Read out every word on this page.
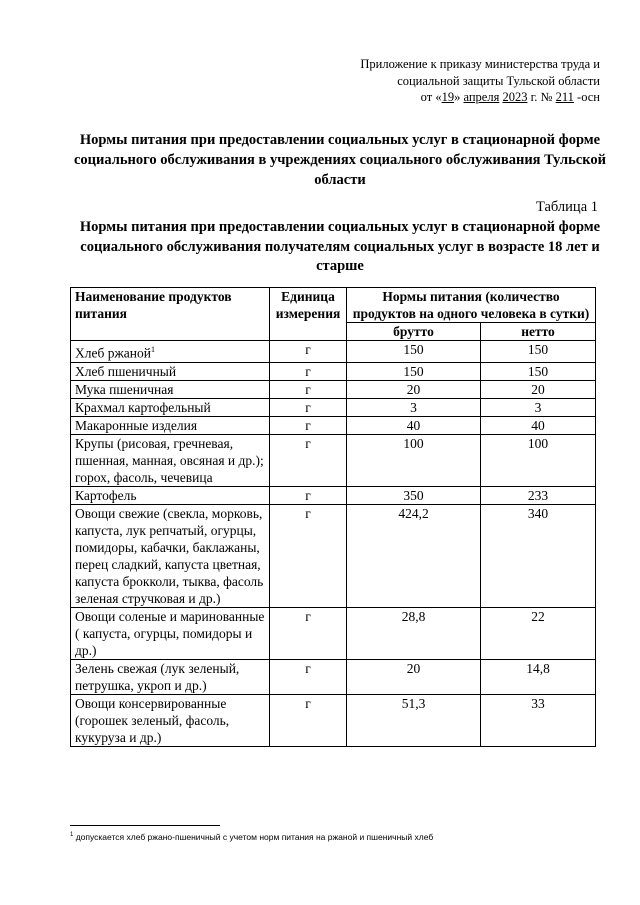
Приложение к приказу министерства труда и
социальной защиты Тульской области
от «19» апреля 2023 г. № 211 -осн
Нормы питания при предоставлении социальных услуг в стационарной форме социального обслуживания в учреждениях социального обслуживания Тульской области
Таблица 1
Нормы питания при предоставлении социальных услуг в стационарной форме социального обслуживания получателям социальных услуг в возрасте 18 лет и старше
Наименование продуктов питания	Единица измерения	Нормы питания (количество продуктов на одного человека в сутки)	
		брутто	нетто
Хлеб ржаной$^1$	г	150	150
Хлеб пшеничный	г	150	150
Мука пшеничная	г	20	20
Крахмал картофельный	г	3	3
Макаронные изделия	г	40	40
Крупы (рисовая, гречневая, пшенная, манная, овсяная и др.); горох, фасоль, чечевица	г	100	100
Картофель	г	350	233
Овощи свежие (свекла, морковь, капуста, лук репчатый, огурцы, помидоры, кабачки, баклажаны, перец сладкий, капуста цветная, капуста брокколи, тыква, фасоль зеленая стручковая и др.)	г	424,2	340
Овощи соленые и маринованные ( капуста, огурцы, помидоры и др.)	г	28,8	22
Зелень свежая (лук зеленый, петрушка, укроп и др.)	г	20	14,8
Овощи консервированные (горошек зеленый, фасоль, кукуруза и др.)	г	51,3	33
$^1$ допускается хлеб ржано-пшеничный с учетом норм питания на ржаной и пшеничный хлеб
